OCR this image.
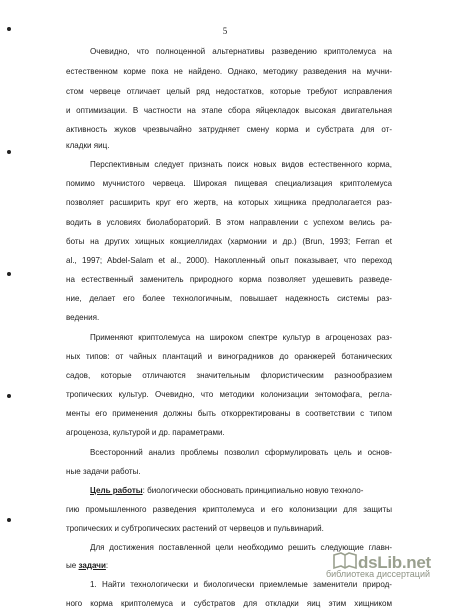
5
Очевидно, что полноценной альтернативы разведению криптолемуса на
естественном корме пока не найдено. Однако, методику разведения на мучни-
стом червеце отличает целый ряд недостатков, которые требуют исправления
и оптимизации. В частности на этапе сбора яйцекладок высокая двигательная
активность жуков чрезвычайно затрудняет смену корма и субстрата для от-
кладки яиц.
Перспективным следует признать поиск новых видов естественного корма,
помимо мучнистого червеца. Широкая пищевая специализация криптолемуса
позволяет расширить круг его жертв, на которых хищника предполагается раз-
водить в условиях биолабораторий. В этом направлении с успехом велись ра-
боты на других хищных кокциеллидах (хармонии и др.) (Brun, 1993; Ferran et
al., 1997; Abdel-Salam et al., 2000). Накопленный опыт показывает, что переход
на естественный заменитель природного корма позволяет удешевить разведе-
ние, делает его более технологичным, повышает надежность системы раз-
ведения.
Применяют криптолемуса на широком спектре культур в агроценозах раз-
ных типов: от чайных плантаций и виноградников до оранжерей ботанических
садов, которые отличаются значительным флористическим разнообразием
тропических культур. Очевидно, что методики колонизации энтомофага, реглa-
менты его применения должны быть откорректированы в соответствии с типом
агроценоза, культурой и др. параметрами.
Всесторонний анализ проблемы позволил сформулировать цель и основ-
ные задачи работы.
Цель работы: биологически обосновать принципиально новую техноло-
гию промышленного разведения криптолемуса и его колонизации для защиты
тропических и субтропических растений от червецов и пульвинарий.
Для достижения поставленной цели необходимо решить следующие главн-
ые задачи:
1. Найти технологически и биологически приемлемые заменители природ-
ного корма криптолемуса и субстратов для откладки яиц этим хищником
dsLib.net
библиотека диссертаций
